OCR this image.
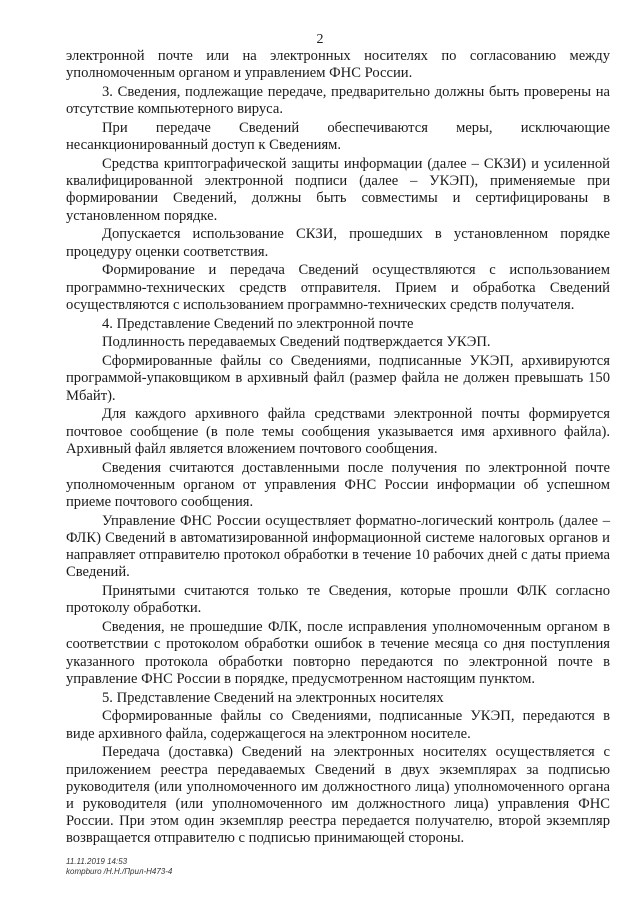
2

электронной почте или на электронных носителях по согласованию между уполномоченным органом и управлением ФНС России.

3. Сведения, подлежащие передаче, предварительно должны быть проверены на отсутствие компьютерного вируса.

При передаче Сведений обеспечиваются меры, исключающие несанкционированный доступ к Сведениям.

Средства криптографической защиты информации (далее – СКЗИ) и усиленной квалифицированной электронной подписи (далее – УКЭП), применяемые при формировании Сведений, должны быть совместимы и сертифицированы в установленном порядке.

Допускается использование СКЗИ, прошедших в установленном порядке процедуру оценки соответствия.

Формирование и передача Сведений осуществляются с использованием программно-технических средств отправителя. Прием и обработка Сведений осуществляются с использованием программно-технических средств получателя.

4. Представление Сведений по электронной почте

Подлинность передаваемых Сведений подтверждается УКЭП.

Сформированные файлы со Сведениями, подписанные УКЭП, архивируются программой-упаковщиком в архивный файл (размер файла не должен превышать 150 Мбайт).

Для каждого архивного файла средствами электронной почты формируется почтовое сообщение (в поле темы сообщения указывается имя архивного файла). Архивный файл является вложением почтового сообщения.

Сведения считаются доставленными после получения по электронной почте уполномоченным органом от управления ФНС России информации об успешном приеме почтового сообщения.

Управление ФНС России осуществляет форматно-логический контроль (далее – ФЛК) Сведений в автоматизированной информационной системе налоговых органов и направляет отправителю протокол обработки в течение 10 рабочих дней с даты приема Сведений.

Принятыми считаются только те Сведения, которые прошли ФЛК согласно протоколу обработки.

Сведения, не прошедшие ФЛК, после исправления уполномоченным органом в соответствии с протоколом обработки ошибок в течение месяца со дня поступления указанного протокола обработки повторно передаются по электронной почте в управление ФНС России в порядке, предусмотренном настоящим пунктом.

5. Представление Сведений на электронных носителях

Сформированные файлы со Сведениями, подписанные УКЭП, передаются в виде архивного файла, содержащегося на электронном носителе.

Передача (доставка) Сведений на электронных носителях осуществляется с приложением реестра передаваемых Сведений в двух экземплярах за подписью руководителя (или уполномоченного им должностного лица) уполномоченного органа и руководителя (или уполномоченного им должностного лица) управления ФНС России. При этом один экземпляр реестра передается получателю, второй экземпляр возвращается отправителю с подписью принимающей стороны.

11.11.2019 14:53
kompburo /Н.Н./Прил-Н473-4
